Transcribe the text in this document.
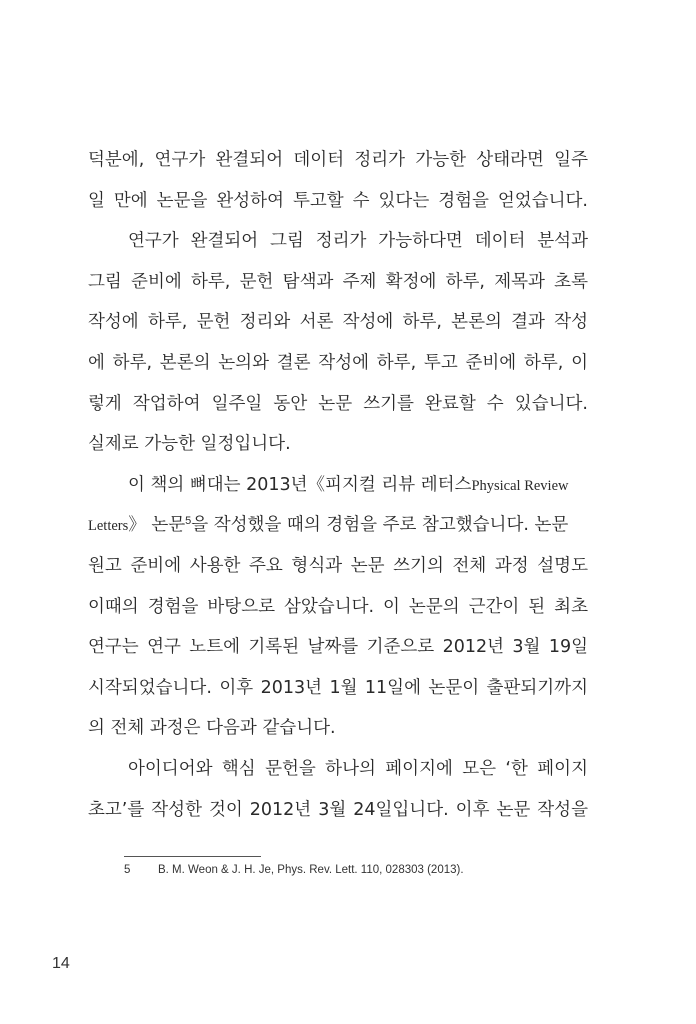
덕분에, 연구가 완결되어 데이터 정리가 가능한 상태라면 일주
일 만에 논문을 완성하여 투고할 수 있다는 경험을 얻었습니다.
연구가 완결되어 그림 정리가 가능하다면 데이터 분석과
그림 준비에 하루, 문헌 탐색과 주제 확정에 하루, 제목과 초록
작성에 하루, 문헌 정리와 서론 작성에 하루, 본론의 결과 작성
에 하루, 본론의 논의와 결론 작성에 하루, 투고 준비에 하루, 이
렇게 작업하여 일주일 동안 논문 쓰기를 완료할 수 있습니다.
실제로 가능한 일정입니다.
이 책의 뼈대는 2013년《피지컬 리뷰 레터스Physical Review
Letters》 논문$^5$을 작성했을 때의 경험을 주로 참고했습니다. 논문
원고 준비에 사용한 주요 형식과 논문 쓰기의 전체 과정 설명도
이때의 경험을 바탕으로 삼았습니다. 이 논문의 근간이 된 최초
연구는 연구 노트에 기록된 날짜를 기준으로 2012년 3월 19일
시작되었습니다. 이후 2013년 1월 11일에 논문이 출판되기까지
의 전체 과정은 다음과 같습니다.
아이디어와 핵심 문헌을 하나의 페이지에 모은 ‘한 페이지
초고’를 작성한 것이 2012년 3월 24일입니다. 이후 논문 작성을
5 B. M. Weon & J. H. Je, Phys. Rev. Lett. 110, 028303 (2013).
14
